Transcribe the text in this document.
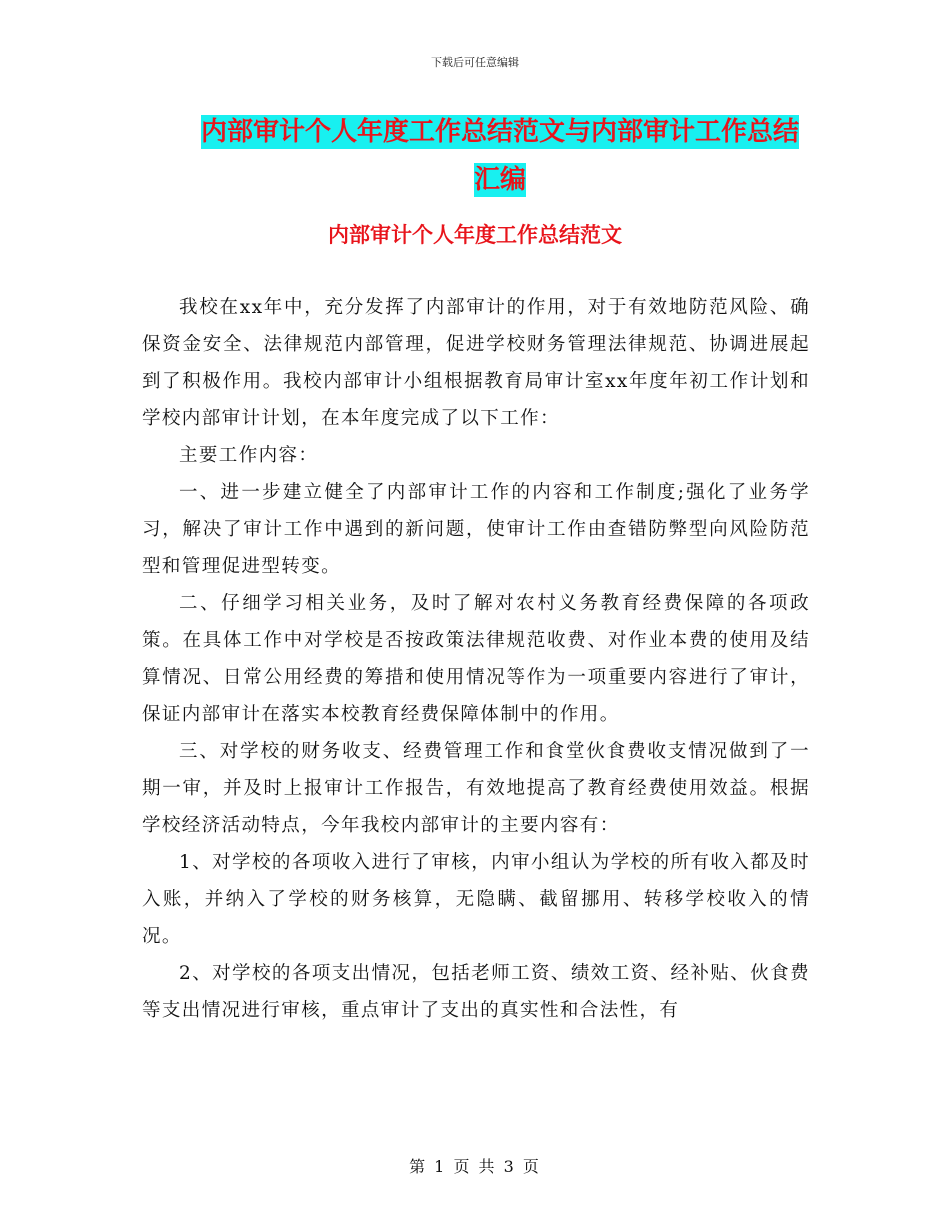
下载后可任意编辑
内部审计个人年度工作总结范文与内部审计工作总结
汇编
内部审计个人年度工作总结范文

我校在xx年中，充分发挥了内部审计的作用，对于有效地防范风险、确保资金安全、法律规范内部管理，促进学校财务管理法律规范、协调进展起到了积极作用。我校内部审计小组根据教育局审计室xx年度年初工作计划和学校内部审计计划，在本年度完成了以下工作：

主要工作内容：

一、进一步建立健全了内部审计工作的内容和工作制度;强化了业务学习，解决了审计工作中遇到的新问题，使审计工作由查错防弊型向风险防范型和管理促进型转变。

二、仔细学习相关业务，及时了解对农村义务教育经费保障的各项政策。在具体工作中对学校是否按政策法律规范收费、对作业本费的使用及结算情况、日常公用经费的筹措和使用情况等作为一项重要内容进行了审计，保证内部审计在落实本校教育经费保障体制中的作用。

三、对学校的财务收支、经费管理工作和食堂伙食费收支情况做到了一期一审，并及时上报审计工作报告，有效地提高了教育经费使用效益。根据学校经济活动特点，今年我校内部审计的主要内容有：

1、对学校的各项收入进行了审核，内审小组认为学校的所有收入都及时入账，并纳入了学校的财务核算，无隐瞒、截留挪用、转移学校收入的情况。

2、对学校的各项支出情况，包括老师工资、绩效工资、经补贴、伙食费等支出情况进行审核，重点审计了支出的真实性和合法性，有

第 1 页 共 3 页
